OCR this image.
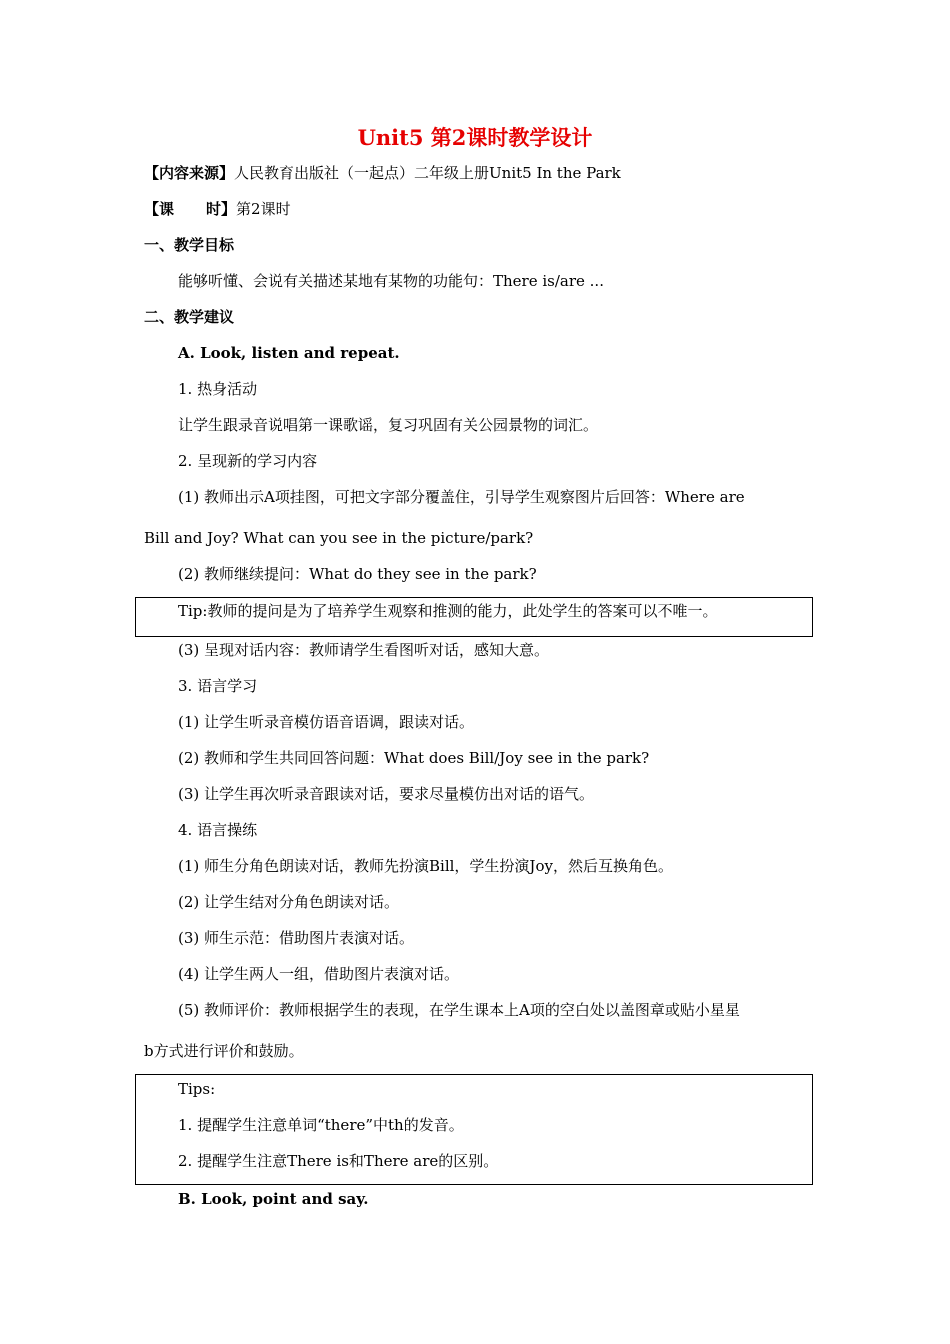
Unit5 第2课时教学设计
【内容来源】人民教育出版社（一起点）二年级上册Unit5 In the Park
【课 时】第2课时
一、教学目标
能够听懂、会说有关描述某地有某物的功能句：There is/are ...
二、教学建议
A. Look, listen and repeat.
1. 热身活动
让学生跟录音说唱第一课歌谣，复习巩固有关公园景物的词汇。
2. 呈现新的学习内容
(1) 教师出示A项挂图，可把文字部分覆盖住，引导学生观察图片后回答：Where are
Bill and Joy? What can you see in the picture/park?
(2) 教师继续提问：What do they see in the park?
Tip:教师的提问是为了培养学生观察和推测的能力，此处学生的答案可以不唯一。
(3) 呈现对话内容：教师请学生看图听对话，感知大意。
3. 语言学习
(1) 让学生听录音模仿语音语调，跟读对话。
(2) 教师和学生共同回答问题：What does Bill/Joy see in the park?
(3) 让学生再次听录音跟读对话，要求尽量模仿出对话的语气。
4. 语言操练
(1) 师生分角色朗读对话，教师先扮演Bill，学生扮演Joy，然后互换角色。
(2) 让学生结对分角色朗读对话。
(3) 师生示范：借助图片表演对话。
(4) 让学生两人一组，借助图片表演对话。
(5) 教师评价：教师根据学生的表现，在学生课本上A项的空白处以盖图章或贴小星星
b方式进行评价和鼓励。
Tips:
1. 提醒学生注意单词“there”中th的发音。
2. 提醒学生注意There is和There are的区别。
B. Look, point and say.
